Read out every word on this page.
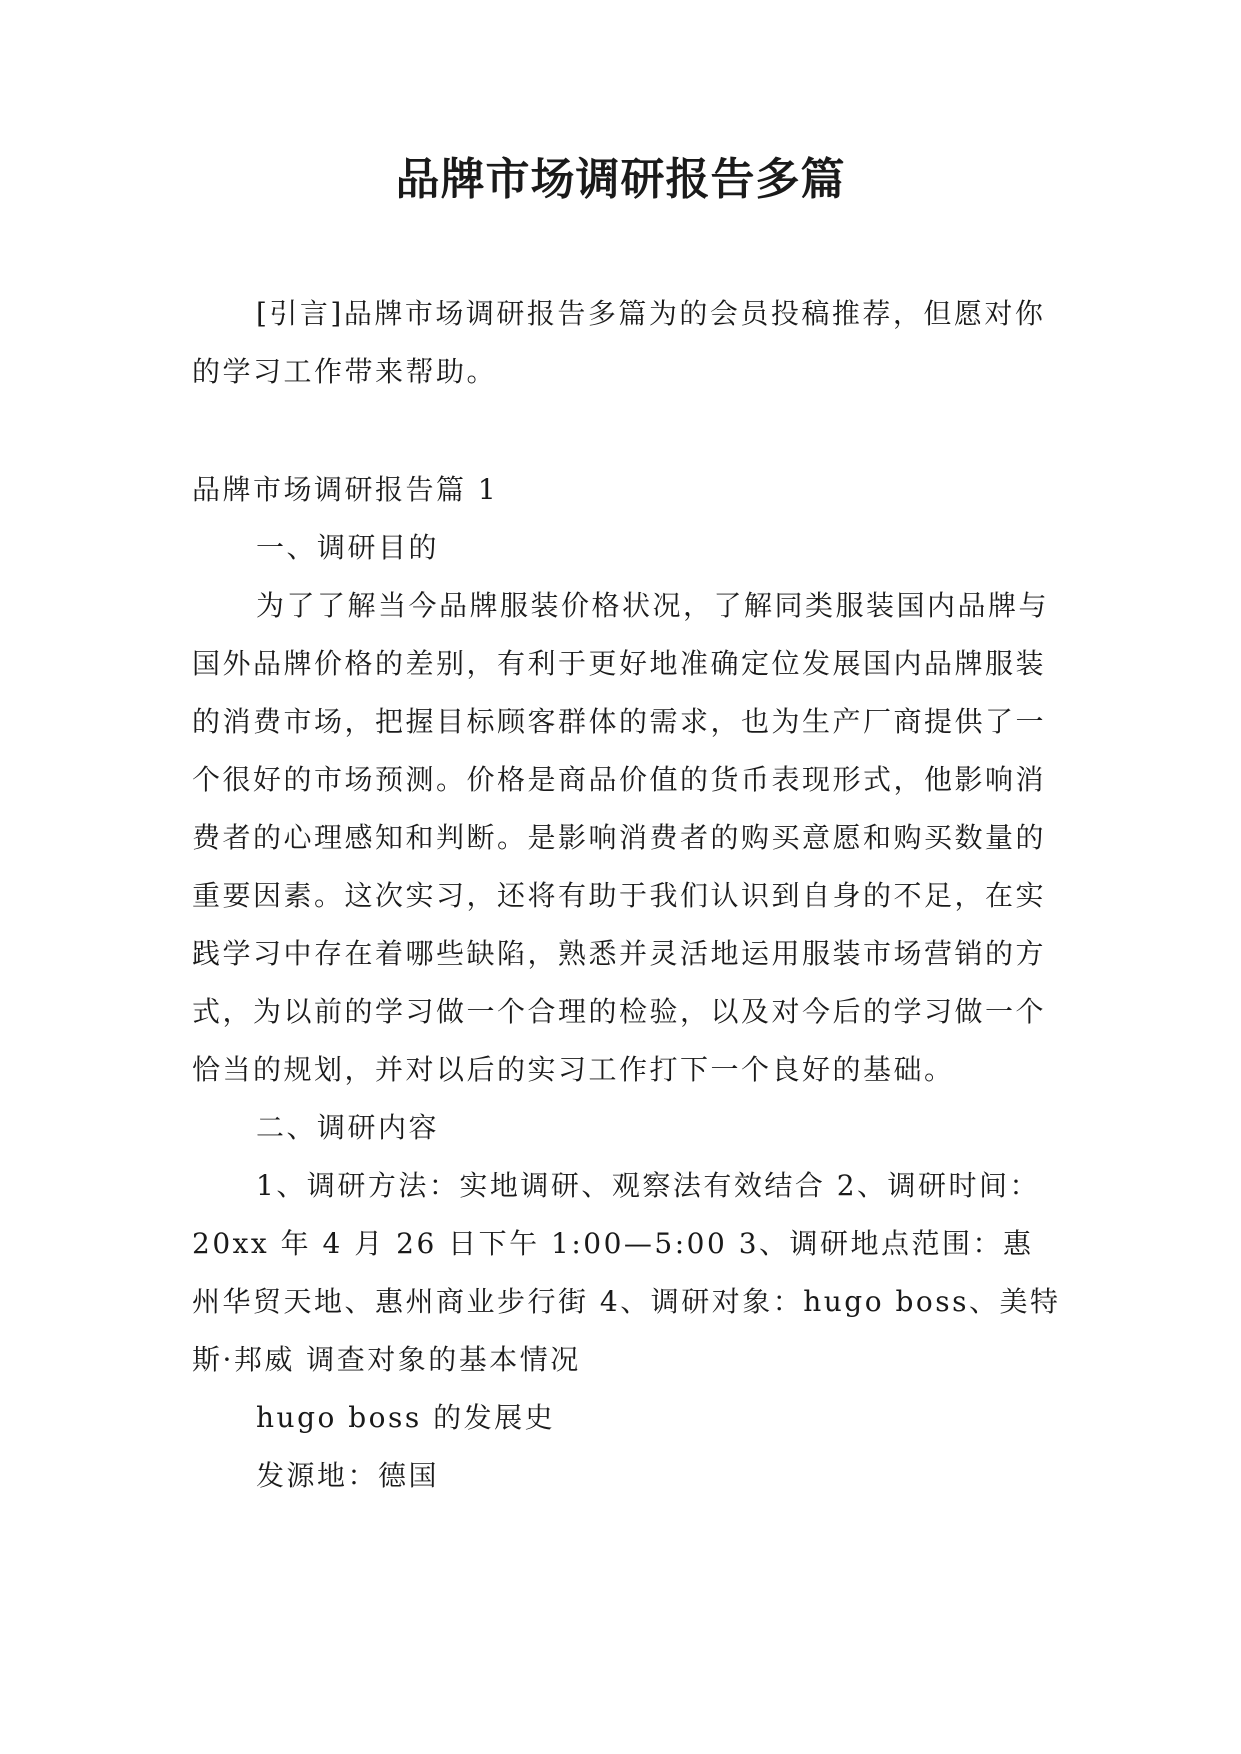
品牌市场调研报告多篇

[引言]品牌市场调研报告多篇为的会员投稿推荐，但愿对你的学习工作带来帮助。

品牌市场调研报告篇 1

一、调研目的

为了了解当今品牌服装价格状况，了解同类服装国内品牌与国外品牌价格的差别，有利于更好地准确定位发展国内品牌服装的消费市场，把握目标顾客群体的需求，也为生产厂商提供了一个很好的市场预测。价格是商品价值的货币表现形式，他影响消费者的心理感知和判断。是影响消费者的购买意愿和购买数量的重要因素。这次实习，还将有助于我们认识到自身的不足，在实践学习中存在着哪些缺陷，熟悉并灵活地运用服装市场营销的方式，为以前的学习做一个合理的检验，以及对今后的学习做一个恰当的规划，并对以后的实习工作打下一个良好的基础。

二、调研内容

1、调研方法：实地调研、观察法有效结合 2、调研时间：20xx 年 4 月 26 日下午 1:00—5:00 3、调研地点范围：惠州华贸天地、惠州商业步行街 4、调研对象：hugo boss、美特斯·邦威 调查对象的基本情况

hugo boss 的发展史

发源地：德国
